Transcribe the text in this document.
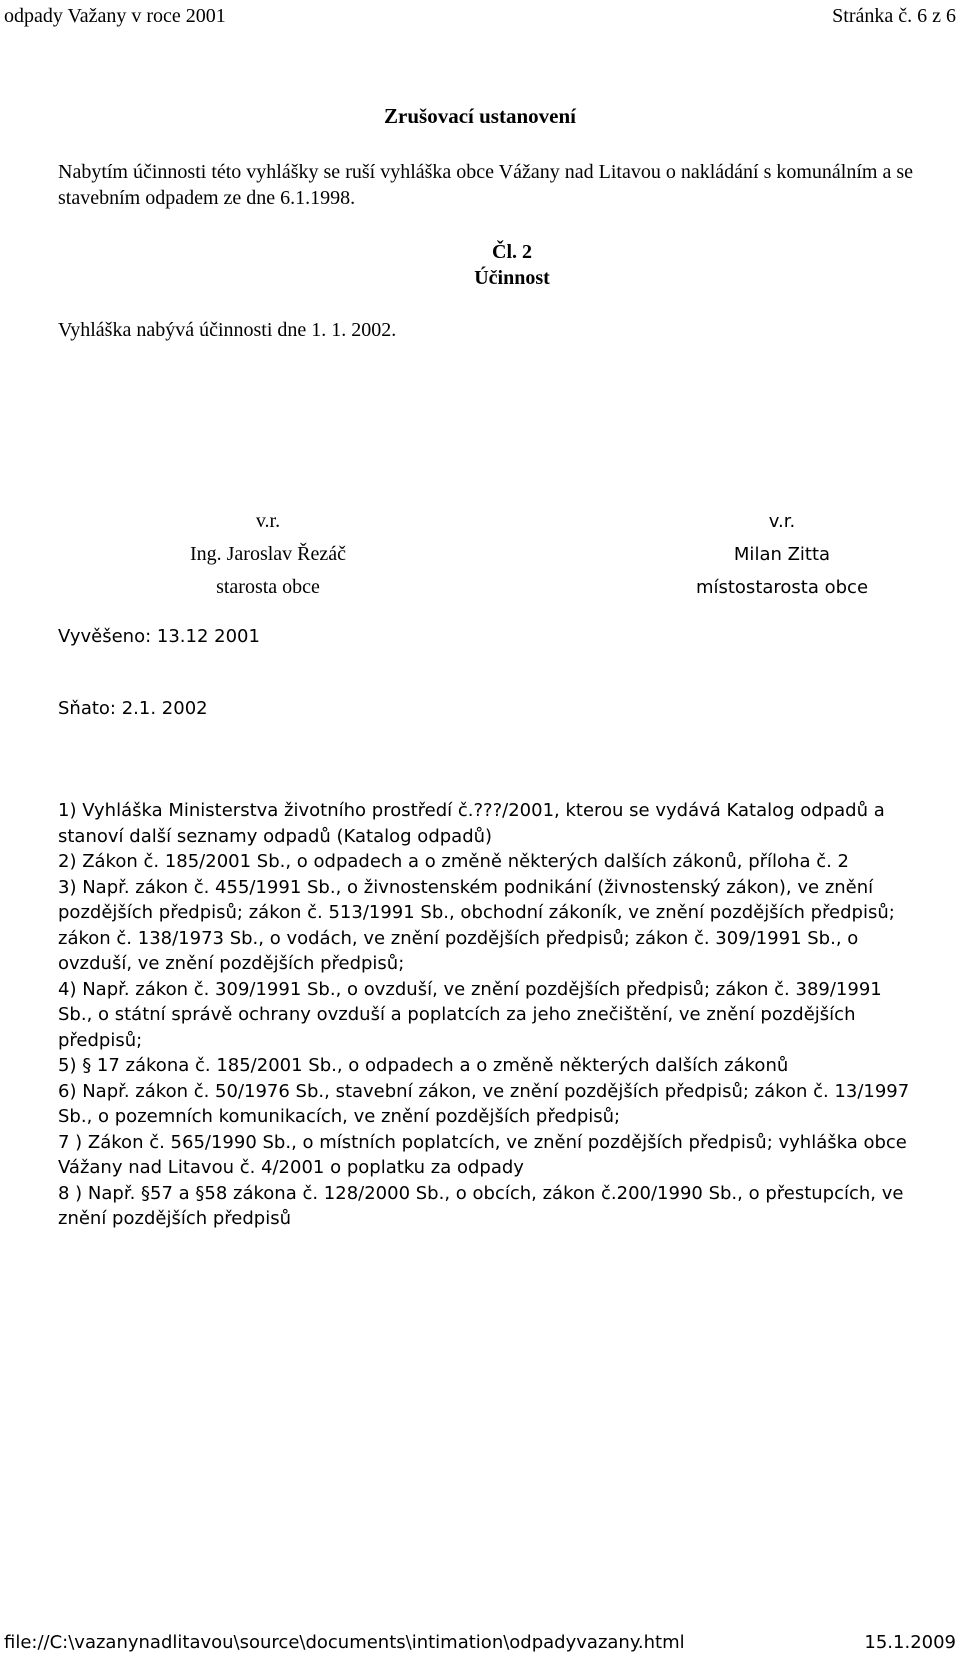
odpady Važany v roce 2001	Stránka č. 6 z 6
Zrušovací ustanovení
Nabytím účinnosti této vyhlášky se ruší vyhláška obce Vážany nad Litavou o nakládání s komunálním a se stavebním odpadem ze dne 6.1.1998.
Čl. 2
Účinnost
Vyhláška nabývá účinnosti dne 1. 1. 2002.
v.r.
Ing. Jaroslav Řezáč
starosta obce
v.r.
Milan Zitta
místostarosta obce
Vyvěšeno: 13.12 2001
Sňato: 2.1. 2002

1) Vyhláška Ministerstva životního prostředí č.???/2001, kterou se vydává Katalog odpadů a stanoví další seznamy odpadů (Katalog odpadů)

2) Zákon č. 185/2001 Sb., o odpadech a o změně některých dalších zákonů, příloha č. 2

3) Např. zákon č. 455/1991 Sb., o živnostenském podnikání (živnostenský zákon), ve znění pozdějších předpisů; zákon č. 513/1991 Sb., obchodní zákoník, ve znění pozdějších předpisů; zákon č. 138/1973 Sb., o vodách, ve znění pozdějších předpisů; zákon č. 309/1991 Sb., o ovzduší, ve znění pozdějších předpisů;

4) Např. zákon č. 309/1991 Sb., o ovzduší, ve znění pozdějších předpisů; zákon č. 389/1991 Sb., o státní správě ochrany ovzduší a poplatcích za jeho znečištění, ve znění pozdějších předpisů;

5) § 17 zákona č. 185/2001 Sb., o odpadech a o změně některých dalších zákonů

6) Např. zákon č. 50/1976 Sb., stavební zákon, ve znění pozdějších předpisů; zákon č. 13/1997 Sb., o pozemních komunikacích, ve znění pozdějších předpisů;

7 ) Zákon č. 565/1990 Sb., o místních poplatcích, ve znění pozdějších předpisů; vyhláška obce Vážany nad Litavou č. 4/2001 o poplatku za odpady

8 ) Např. §57 a §58 zákona č. 128/2000 Sb., o obcích, zákon č.200/1990 Sb., o přestupcích, ve znění pozdějších předpisů

file://C:\vazanynadlitavou\source\documents\intimation\odpadyvazany.html	15.1.2009
